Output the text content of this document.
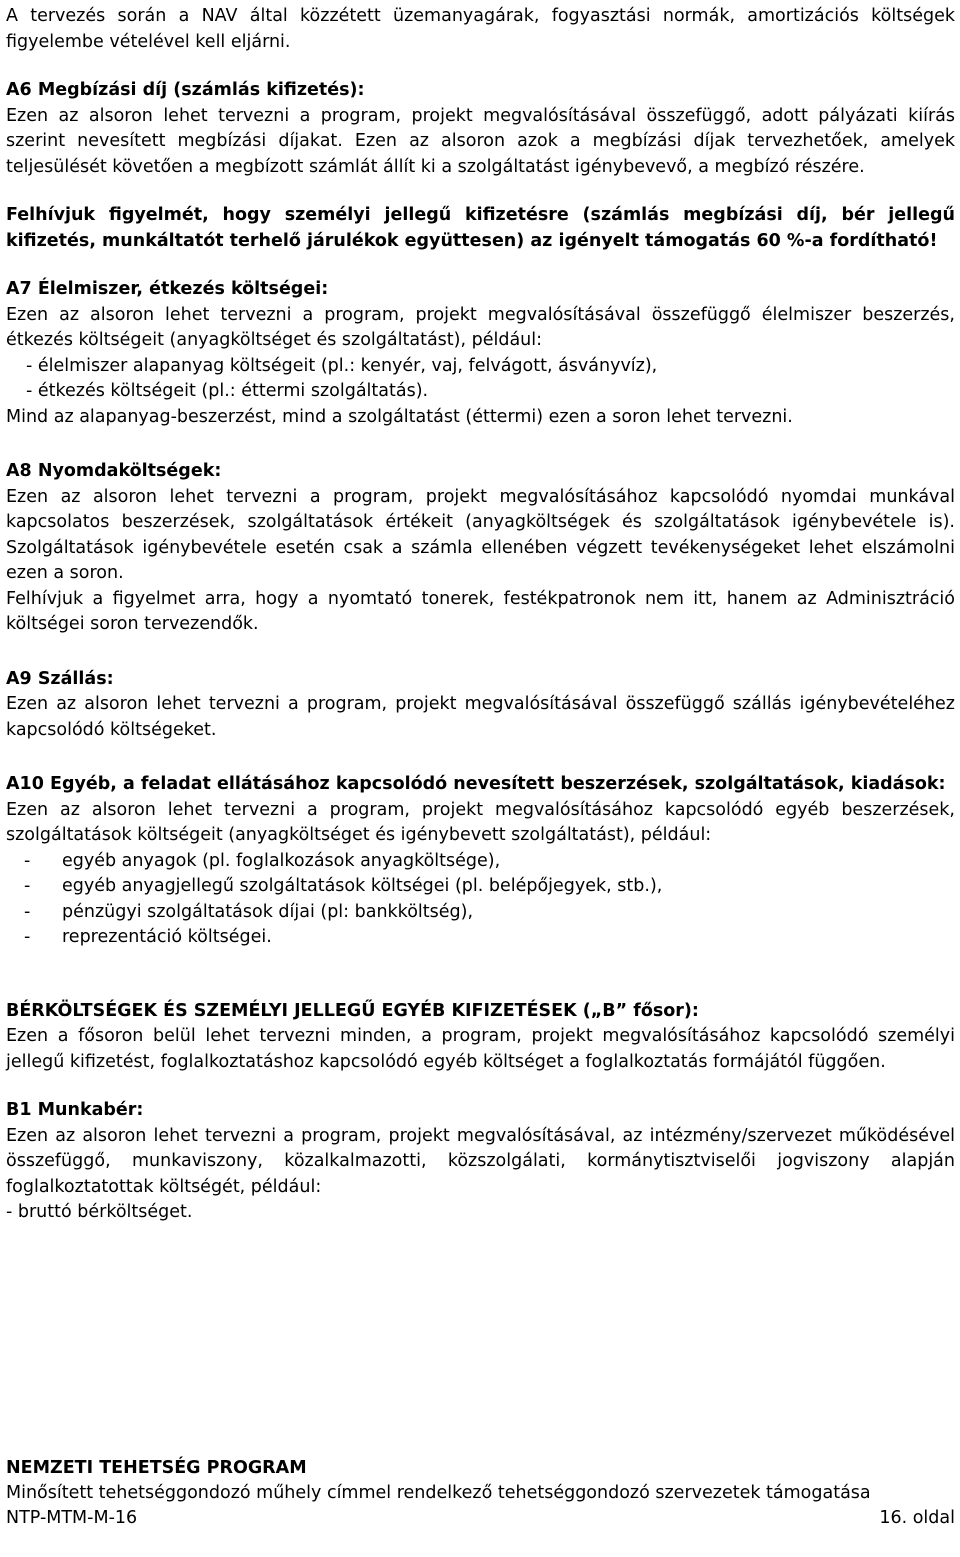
A tervezés során a NAV által közzétett üzemanyagárak, fogyasztási normák, amortizációs költségek figyelembe vételével kell eljárni.

A6 Megbízási díj (számlás kifizetés):

Ezen az alsoron lehet tervezni a program, projekt megvalósításával összefüggő, adott pályázati kiírás szerint nevesített megbízási díjakat. Ezen az alsoron azok a megbízási díjak tervezhetőek, amelyek teljesülését követően a megbízott számlát állít ki a szolgáltatást igénybevevő, a megbízó részére.

Felhívjuk figyelmét, hogy személyi jellegű kifizetésre (számlás megbízási díj, bér jellegű kifizetés, munkáltatót terhelő járulékok együttesen) az igényelt támogatás 60 %-a fordítható!

A7 Élelmiszer, étkezés költségei:

Ezen az alsoron lehet tervezni a program, projekt megvalósításával összefüggő élelmiszer beszerzés, étkezés költségeit (anyagköltséget és szolgáltatást), például:

- élelmiszer alapanyag költségeit (pl.: kenyér, vaj, felvágott, ásványvíz),
- étkezés költségeit (pl.: éttermi szolgáltatás).

Mind az alapanyag-beszerzést, mind a szolgáltatást (éttermi) ezen a soron lehet tervezni.

A8 Nyomdaköltségek:

Ezen az alsoron lehet tervezni a program, projekt megvalósításához kapcsolódó nyomdai munkával kapcsolatos beszerzések, szolgáltatások értékeit (anyagköltségek és szolgáltatások igénybevétele is). Szolgáltatások igénybevétele esetén csak a számla ellenében végzett tevékenységeket lehet elszámolni ezen a soron.

Felhívjuk a figyelmet arra, hogy a nyomtató tonerek, festékpatronok nem itt, hanem az Adminisztráció költségei soron tervezendők.

A9 Szállás:

Ezen az alsoron lehet tervezni a program, projekt megvalósításával összefüggő szállás igénybevételéhez kapcsolódó költségeket.

A10 Egyéb, a feladat ellátásához kapcsolódó nevesített beszerzések, szolgáltatások, kiadások:

Ezen az alsoron lehet tervezni a program, projekt megvalósításához kapcsolódó egyéb beszerzések, szolgáltatások költségeit (anyagköltséget és igénybevett szolgáltatást), például:

- egyéb anyagok (pl. foglalkozások anyagköltsége),
- egyéb anyagjellegű szolgáltatások költségei (pl. belépőjegyek, stb.),
- pénzügyi szolgáltatások díjai (pl: bankköltség),
- reprezentáció költségei.
BÉRKÖLTSÉGEK ÉS SZEMÉLYI JELLEGŰ EGYÉB KIFIZETÉSEK („B” fősor):

Ezen a fősoron belül lehet tervezni minden, a program, projekt megvalósításához kapcsolódó személyi jellegű kifizetést, foglalkoztatáshoz kapcsolódó egyéb költséget a foglalkoztatás formájától függően.

B1 Munkabér:

Ezen az alsoron lehet tervezni a program, projekt megvalósításával, az intézmény/szervezet működésével összefüggő, munkaviszony, közalkalmazotti, közszolgálati, kormánytisztviselői jogviszony alapján foglalkoztatottak költségét, például:

- bruttó bérköltséget.
NEMZETI TEHETSÉG PROGRAM
Minősített tehetséggondozó műhely címmel rendelkező tehetséggondozó szervezetek támogatása
NTP-MTM-M-16	16. oldal
